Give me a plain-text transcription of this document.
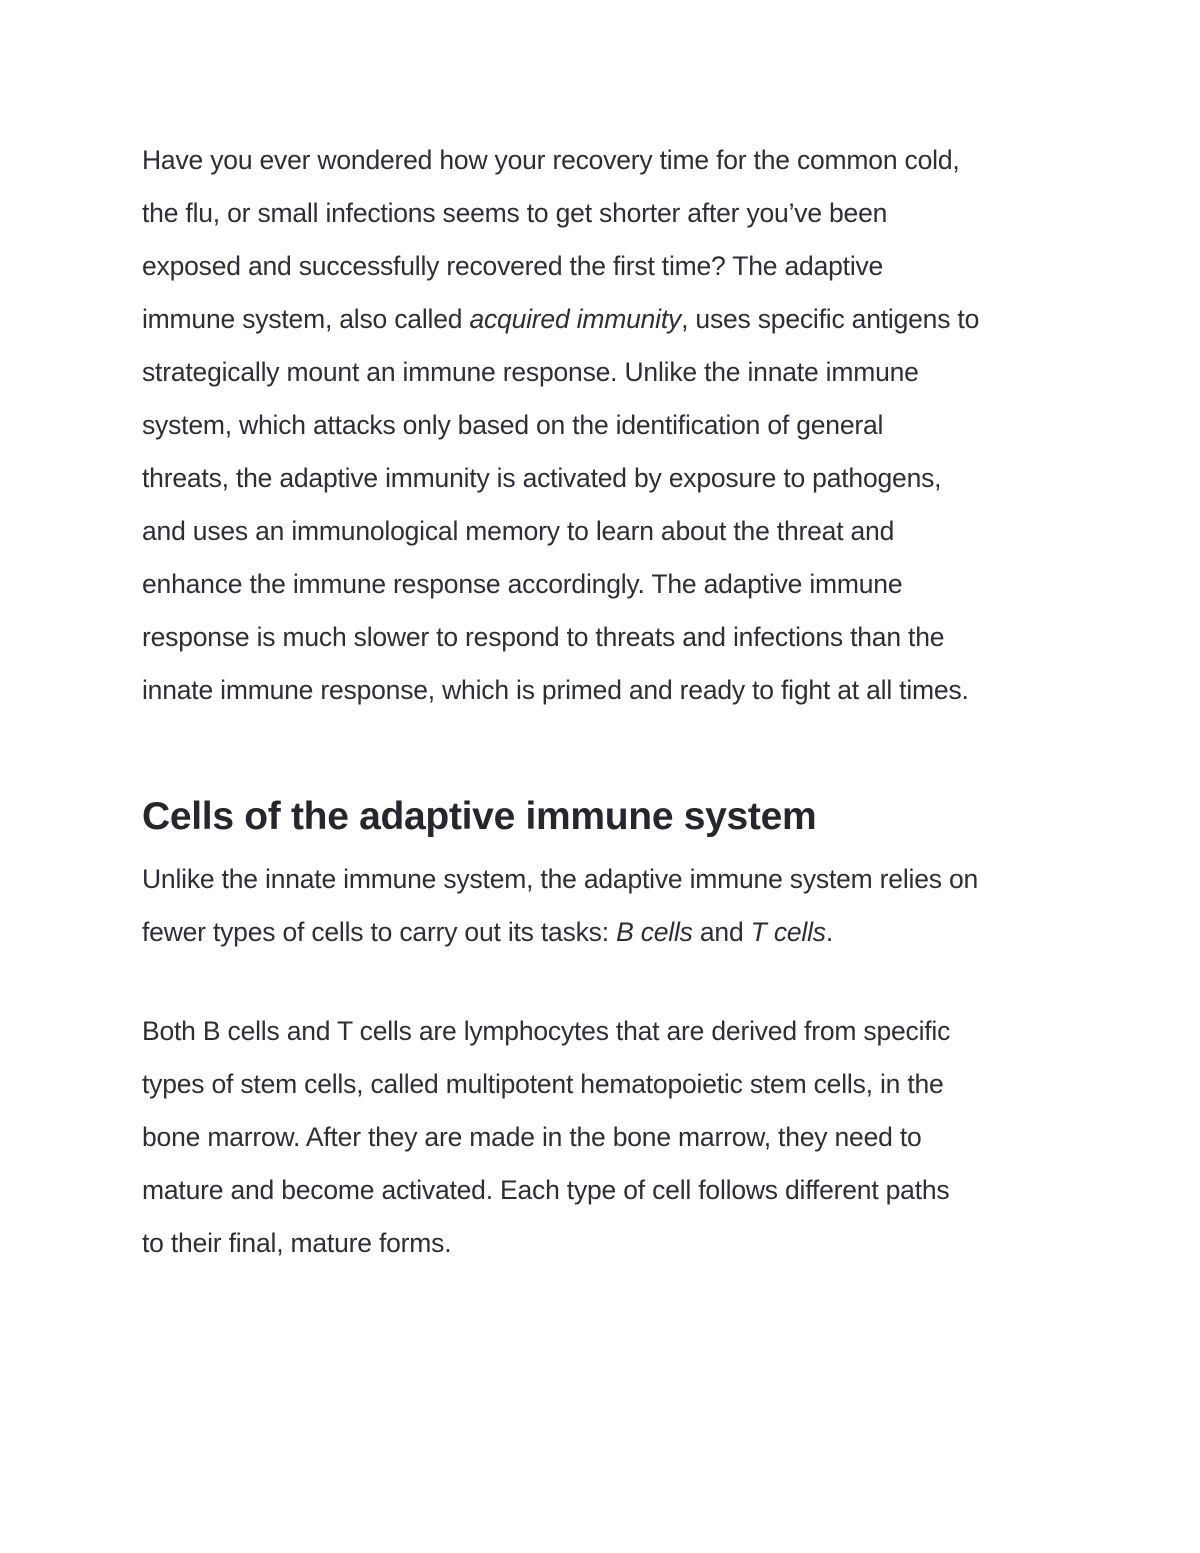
Have you ever wondered how your recovery time for the common cold,
the flu, or small infections seems to get shorter after you’ve been
exposed and successfully recovered the first time? The adaptive
immune system, also called acquired immunity, uses specific antigens to
strategically mount an immune response. Unlike the innate immune
system, which attacks only based on the identification of general
threats, the adaptive immunity is activated by exposure to pathogens,
and uses an immunological memory to learn about the threat and
enhance the immune response accordingly. The adaptive immune
response is much slower to respond to threats and infections than the
innate immune response, which is primed and ready to fight at all times.

Cells of the adaptive immune system

Unlike the innate immune system, the adaptive immune system relies on
fewer types of cells to carry out its tasks: B cells and T cells.

Both B cells and T cells are lymphocytes that are derived from specific
types of stem cells, called multipotent hematopoietic stem cells, in the
bone marrow. After they are made in the bone marrow, they need to
mature and become activated. Each type of cell follows different paths
to their final, mature forms.
